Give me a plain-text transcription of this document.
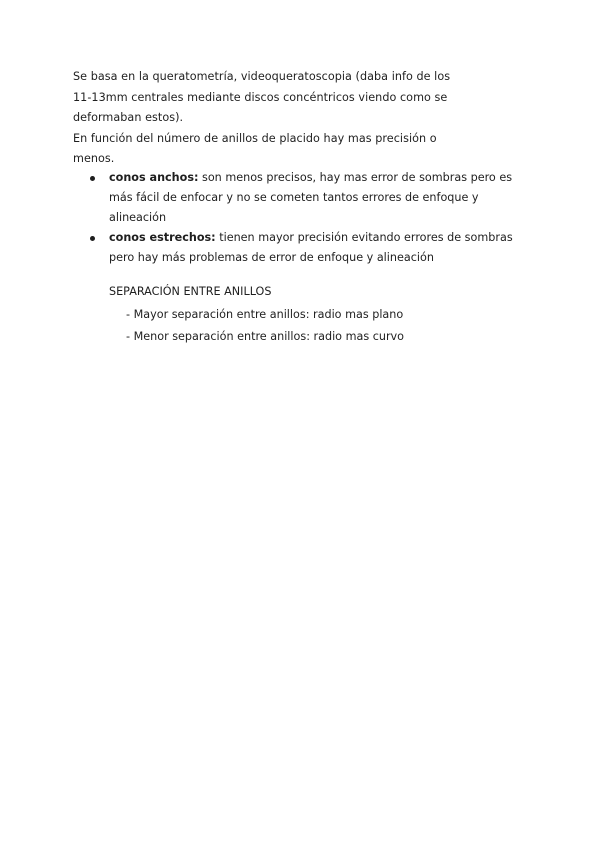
Se basa en la queratometría, videoqueratoscopia (daba info de los

11-13mm centrales mediante discos concéntricos viendo como se

deformaban estos).

En función del número de anillos de placido hay mas precisión o

menos.

conos anchos: son menos precisos, hay mas error de sombras pero es
más fácil de enfocar y no se cometen tantos errores de enfoque y
alineación
conos estrechos: tienen mayor precisión evitando errores de sombras
pero hay más problemas de error de enfoque y alineación

SEPARACIÓN ENTRE ANILLOS

- Mayor separación entre anillos: radio mas plano
- Menor separación entre anillos: radio mas curvo
